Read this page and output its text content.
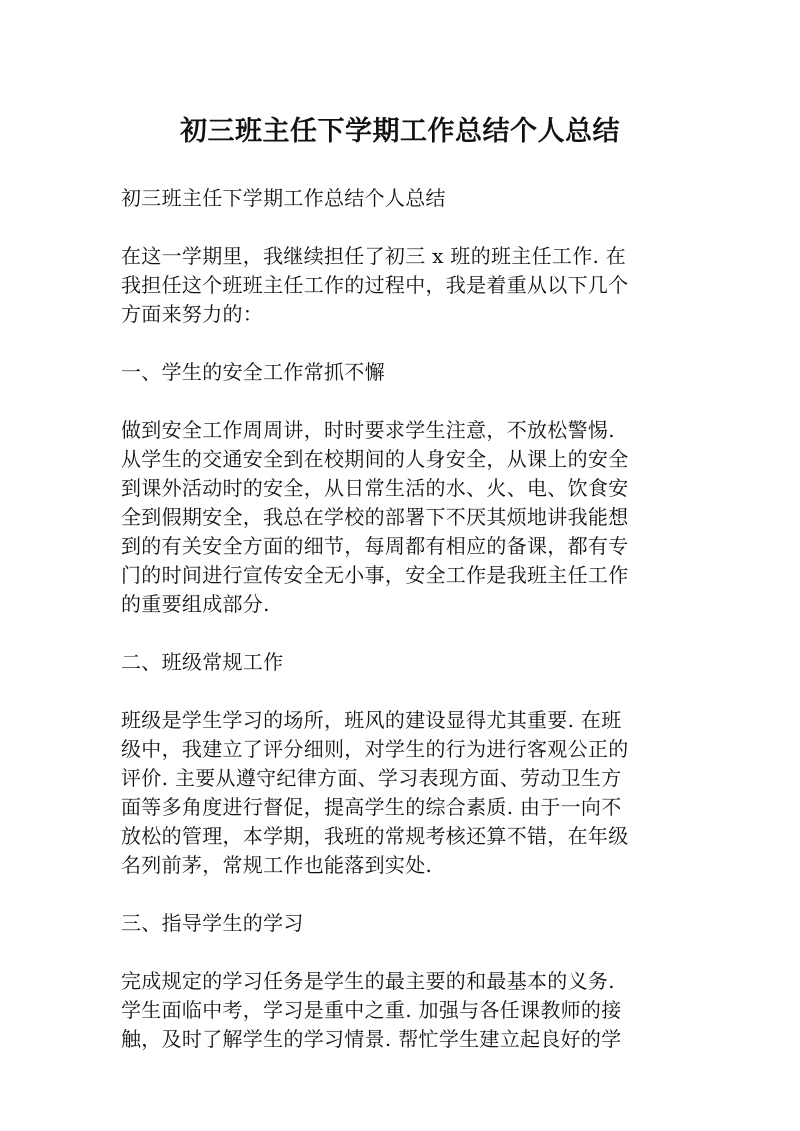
初三班主任下学期工作总结个人总结

初三班主任下学期工作总结个人总结

在这一学期里，我继续担任了初三 x 班的班主任工作. 在
我担任这个班班主任工作的过程中，我是着重从以下几个
方面来努力的：

一、学生的安全工作常抓不懈

做到安全工作周周讲，时时要求学生注意，不放松警惕.
从学生的交通安全到在校期间的人身安全，从课上的安全
到课外活动时的安全，从日常生活的水、火、电、饮食安
全到假期安全，我总在学校的部署下不厌其烦地讲我能想
到的有关安全方面的细节，每周都有相应的备课，都有专
门的时间进行宣传安全无小事，安全工作是我班主任工作
的重要组成部分.

二、班级常规工作

班级是学生学习的场所，班风的建设显得尤其重要. 在班
级中，我建立了评分细则，对学生的行为进行客观公正的
评价. 主要从遵守纪律方面、学习表现方面、劳动卫生方
面等多角度进行督促，提高学生的综合素质. 由于一向不
放松的管理，本学期，我班的常规考核还算不错，在年级
名列前茅，常规工作也能落到实处.

三、指导学生的学习

完成规定的学习任务是学生的最主要的和最基本的义务.
学生面临中考，学习是重中之重. 加强与各任课教师的接
触，及时了解学生的学习情景. 帮忙学生建立起良好的学
